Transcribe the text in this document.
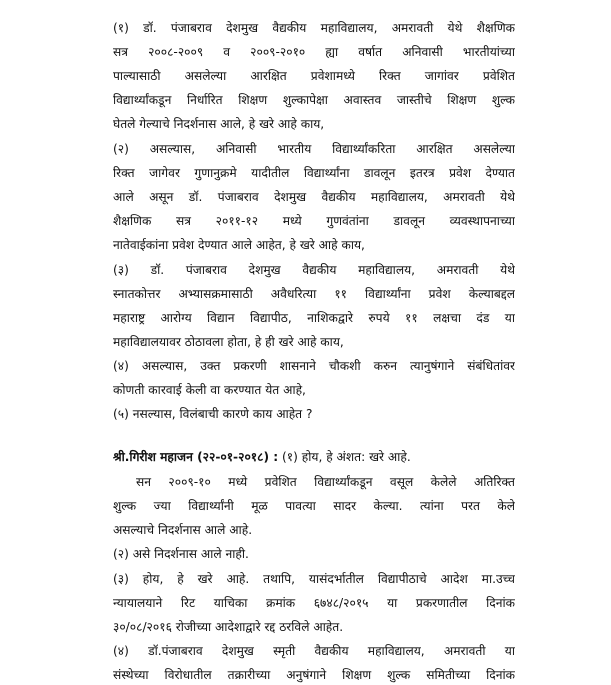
(१) डॉ. पंजाबराव देशमुख वैद्यकीय महाविद्यालय, अमरावती येथे शैक्षणिक
सत्र २००८-२००९ व २००९-२०१० ह्या वर्षात अनिवासी भारतीयांच्या
पाल्यासाठी असलेल्या आरक्षित प्रवेशामध्ये रिक्त जागांवर प्रवेशित
विद्यार्थ्यांकडून निर्धारित शिक्षण शुल्कापेक्षा अवास्तव जास्तीचे शिक्षण शुल्क
घेतले गेल्याचे निदर्शनास आले, हे खरे आहे काय,
(२) असल्यास, अनिवासी भारतीय विद्यार्थ्यांकरिता आरक्षित असलेल्या
रिक्त जागेवर गुणानुक्रमे यादीतील विद्यार्थ्यांना डावलून इतरत्र प्रवेश देण्यात
आले असून डॉ. पंजाबराव देशमुख वैद्यकीय महाविद्यालय, अमरावती येथे
शैक्षणिक सत्र २०११-१२ मध्ये गुणवंतांना डावलून व्यवस्थापनाच्या
नातेवाईकांना प्रवेश देण्यात आले आहेत, हे खरे आहे काय,
(३) डॉ. पंजाबराव देशमुख वैद्यकीय महाविद्यालय, अमरावती येथे
स्नातकोत्तर अभ्यासक्रमासाठी अवैधरित्या ११ विद्यार्थ्यांना प्रवेश केल्याबद्दल
महाराष्ट्र आरोग्य विद्यान विद्यापीठ, नाशिकद्वारे रुपये ११ लक्षचा दंड या
महाविद्यालयावर ठोठावला होता, हे ही खरे आहे काय,
(४) असल्यास, उक्त प्रकरणी शासनाने चौकशी करुन त्यानुषंगाने संबंधितांवर
कोणती कारवाई केली वा करण्यात येत आहे,
(५) नसल्यास, विलंबाची कारणे काय आहेत ?
श्री.गिरीश महाजन (२२-०१-२०१८) : (१) होय, हे अंशत: खरे आहे.
सन २००९-१० मध्ये प्रवेशित विद्यार्थ्यांकडून वसूल केलेले अतिरिक्त
शुल्क ज्या विद्यार्थ्यांनी मूळ पावत्या सादर केल्या. त्यांना परत केले
असल्याचे निदर्शनास आले आहे.
(२) असे निदर्शनास आले नाही.
(३) होय, हे खरे आहे. तथापि, यासंदर्भातील विद्यापीठाचे आदेश मा.उच्च
न्यायालयाने रिट याचिका क्रमांक ६७४८/२०१५ या प्रकरणातील दिनांक
३०/०८/२०१६ रोजीच्या आदेशाद्वारे रद्द ठरविले आहेत.
(४) डॉ.पंजाबराव देशमुख स्मृती वैद्यकीय महाविद्यालय, अमरावती या
संस्थेच्या विरोधातील तक्रारीच्या अनुषंगाने शिक्षण शुल्क समितीच्या दिनांक
